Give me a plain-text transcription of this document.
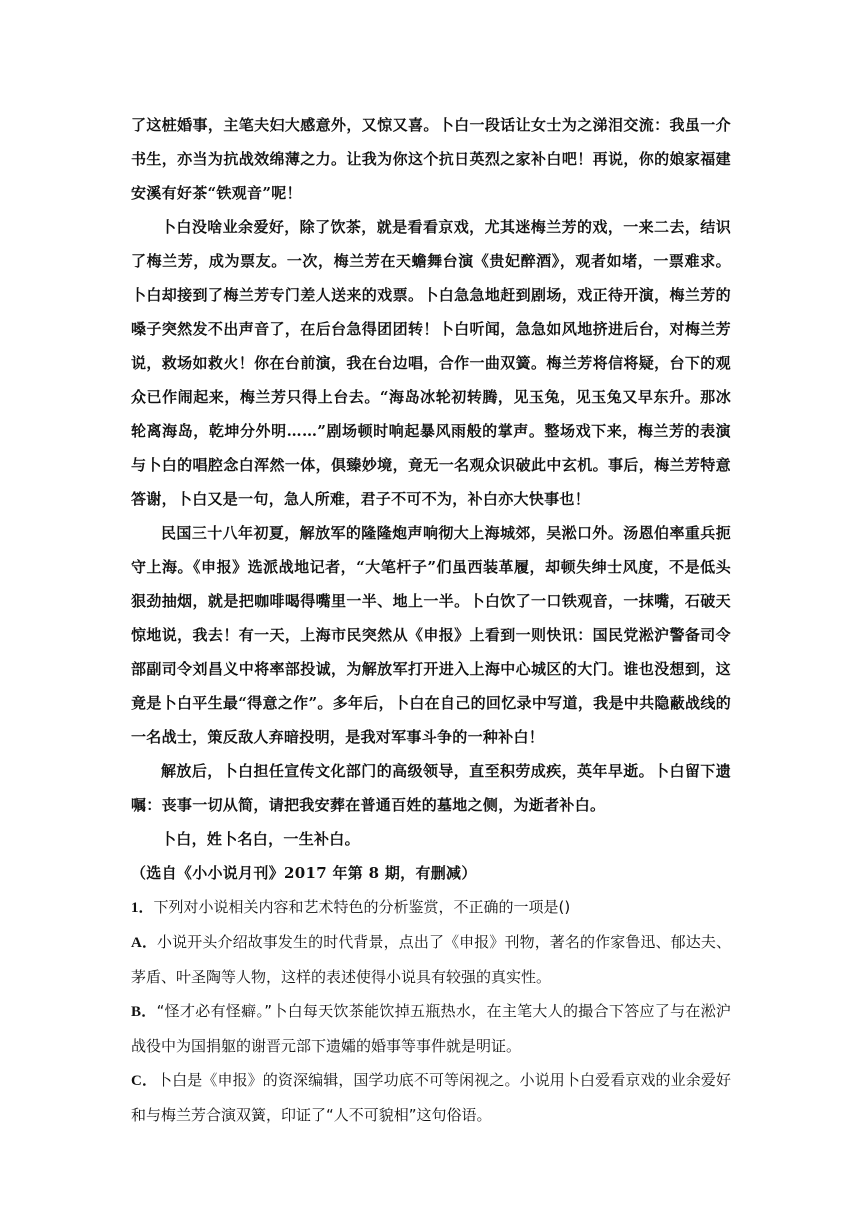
了这桩婚事，主笔夫妇大感意外，又惊又喜。卜白一段话让女士为之涕泪交流：我虽一介书生，亦当为抗战效绵薄之力。让我为你这个抗日英烈之家补白吧！再说，你的娘家福建安溪有好茶“铁观音”呢！

卜白没啥业余爱好，除了饮茶，就是看看京戏，尤其迷梅兰芳的戏，一来二去，结识了梅兰芳，成为票友。一次，梅兰芳在天蟾舞台演《贵妃醉酒》，观者如堵，一票难求。卜白却接到了梅兰芳专门差人送来的戏票。卜白急急地赶到剧场，戏正待开演，梅兰芳的嗓子突然发不出声音了，在后台急得团团转！卜白听闻，急急如风地挤进后台，对梅兰芳说，救场如救火！你在台前演，我在台边唱，合作一曲双簧。梅兰芳将信将疑，台下的观众已作闹起来，梅兰芳只得上台去。“海岛冰轮初转腾，见玉兔，见玉兔又早东升。那冰轮离海岛，乾坤分外明……”剧场顿时响起暴风雨般的掌声。整场戏下来，梅兰芳的表演与卜白的唱腔念白浑然一体，俱臻妙境，竟无一名观众识破此中玄机。事后，梅兰芳特意答谢，卜白又是一句，急人所难，君子不可不为，补白亦大快事也！

民国三十八年初夏，解放军的隆隆炮声响彻大上海城郊，吴淞口外。汤恩伯率重兵扼守上海。《申报》选派战地记者，“大笔杆子”们虽西装革履，却顿失绅士风度，不是低头狠劲抽烟，就是把咖啡喝得嘴里一半、地上一半。卜白饮了一口铁观音，一抹嘴，石破天惊地说，我去！有一天，上海市民突然从《申报》上看到一则快讯：国民党淞沪警备司令部副司令刘昌义中将率部投诚，为解放军打开进入上海中心城区的大门。谁也没想到，这竟是卜白平生最“得意之作”。多年后，卜白在自己的回忆录中写道，我是中共隐蔽战线的一名战士，策反敌人弃暗投明，是我对军事斗争的一种补白！

解放后，卜白担任宣传文化部门的高级领导，直至积劳成疾，英年早逝。卜白留下遗嘱：丧事一切从简，请把我安葬在普通百姓的墓地之侧，为逝者补白。

卜白，姓卜名白，一生补白。

（选自《小小说月刊》2017 年第 8 期，有删减）

1．下列对小说相关内容和艺术特色的分析鉴赏，不正确的一项是()

A．小说开头介绍故事发生的时代背景，点出了《申报》刊物，著名的作家鲁迅、郁达夫、茅盾、叶圣陶等人物，这样的表述使得小说具有较强的真实性。

B．“怪才必有怪癖。”卜白每天饮茶能饮掉五瓶热水，在主笔大人的撮合下答应了与在淞沪战役中为国捐躯的谢晋元部下遗孀的婚事等事件就是明证。

C．卜白是《申报》的资深编辑，国学功底不可等闲视之。小说用卜白爱看京戏的业余爱好和与梅兰芳合演双簧，印证了“人不可貌相”这句俗语。
